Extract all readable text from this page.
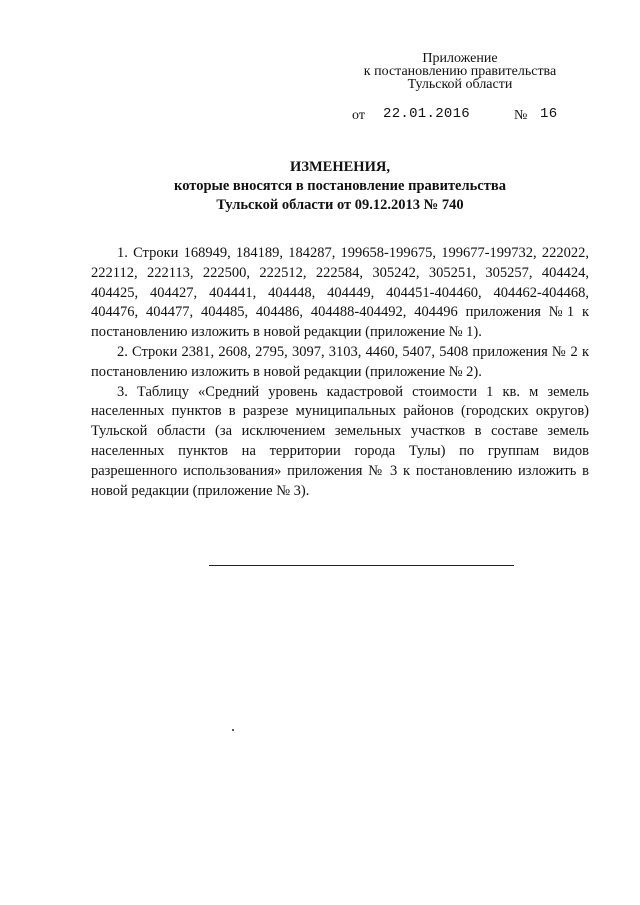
Приложение
к постановлению правительства
Тульской области
от 22.01.2016	№ 16
ИЗМЕНЕНИЯ,
которые вносятся в постановление правительства
Тульской области от 09.12.2013 № 740

1. Строки 168949, 184189, 184287, 199658-199675, 199677-199732, 222022, 222112, 222113, 222500, 222512, 222584, 305242, 305251, 305257, 404424, 404425, 404427, 404441, 404448, 404449, 404451-404460, 404462-404468, 404476, 404477, 404485, 404486, 404488-404492, 404496 приложения №1 к постановлению изложить в новой редакции (приложение № 1).

2. Строки 2381, 2608, 2795, 3097, 3103, 4460, 5407, 5408 приложения № 2 к постановлению изложить в новой редакции (приложение № 2).

3. Таблицу «Средний уровень кадастровой стоимости 1 кв. м земель населенных пунктов в разрезе муниципальных районов (городских округов) Тульской области (за исключением земельных участков в составе земель населенных пунктов на территории города Тулы) по группам видов разрешенного использования» приложения № 3 к постановлению изложить в новой редакции (приложение № 3).
